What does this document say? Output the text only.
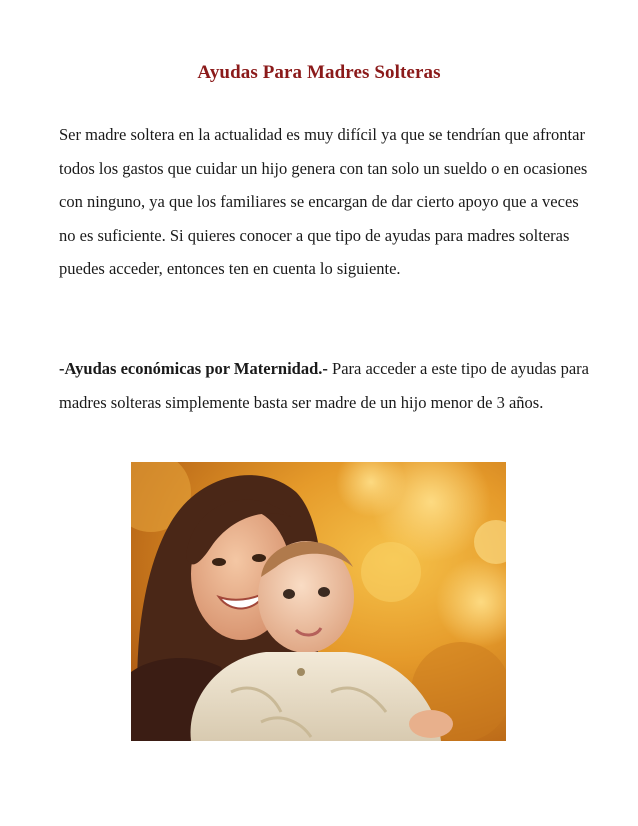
Ayudas Para Madres Solteras

Ser madre soltera en la actualidad es muy difícil ya que se tendrían que afrontar todos los gastos que cuidar un hijo genera con tan solo un sueldo o en ocasiones con ninguno, ya que los familiares se encargan de dar cierto apoyo que a veces no es suficiente. Si quieres conocer a que tipo de ayudas para madres solteras puedes acceder, entonces ten en cuenta lo siguiente.

-Ayudas económicas por Maternidad.- Para acceder a este tipo de ayudas para madres solteras simplemente basta ser madre de un hijo menor de 3 años.
